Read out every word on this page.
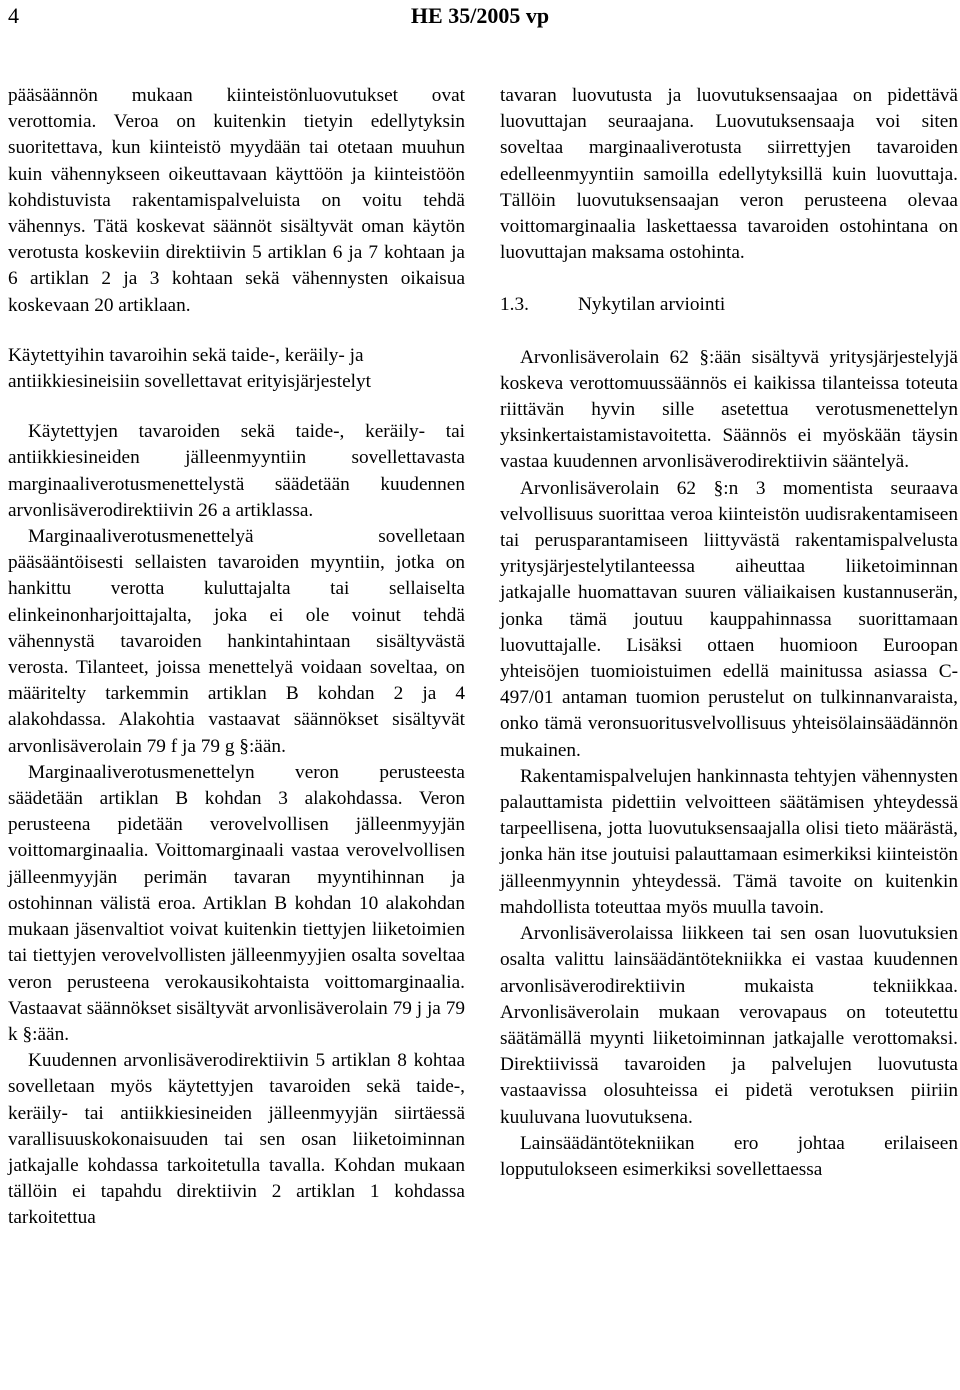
4	HE 35/2005 vp

pääsäännön mukaan kiinteistönluovutukset ovat verottomia. Veroa on kuitenkin tietyin edellytyksin suoritettava, kun kiinteistö myydään tai otetaan muuhun kuin vähennykseen oikeuttavaan käyttöön ja kiinteistöön kohdistuvista rakentamispalveluista on voitu tehdä vähennys. Tätä koskevat säännöt sisältyvät oman käytön verotusta koskeviin direktiivin 5 artiklan 6 ja 7 kohtaan ja 6 artiklan 2 ja 3 kohtaan sekä vähennysten oikaisua koskevaan 20 artiklaan.

Käytettyihin tavaroihin sekä taide-, keräily- ja antiikkiesineisiin sovellettavat erityisjärjestelyt

Käytettyjen tavaroiden sekä taide-, keräily- tai antiikkiesineiden jälleenmyyntiin sovellettavasta marginaaliverotusmenettelystä säädetään kuudennen arvonlisäverodirektiivin 26 a artiklassa.

Marginaaliverotusmenettelyä sovelletaan pääsääntöisesti sellaisten tavaroiden myyntiin, jotka on hankittu verotta kuluttajalta tai sellaiselta elinkeinonharjoittajalta, joka ei ole voinut tehdä vähennystä tavaroiden hankintahintaan sisältyvästä verosta. Tilanteet, joissa menettelyä voidaan soveltaa, on määritelty tarkemmin artiklan B kohdan 2 ja 4 alakohdassa. Alakohtia vastaavat säännökset sisältyvät arvonlisäverolain 79 f ja 79 g §:ään.

Marginaaliverotusmenettelyn veron perusteesta säädetään artiklan B kohdan 3 alakohdassa. Veron perusteena pidetään verovelvollisen jälleenmyyjän voittomarginaalia. Voittomarginaali vastaa verovelvollisen jälleenmyyjän perimän tavaran myyntihinnan ja ostohinnan välistä eroa. Artiklan B kohdan 10 alakohdan mukaan jäsenvaltiot voivat kuitenkin tiettyjen liiketoimien tai tiettyjen verovelvollisten jälleenmyyjien osalta soveltaa veron perusteena verokausikohtaista voittomarginaalia. Vastaavat säännökset sisältyvät arvonlisäverolain 79 j ja 79 k §:ään.

Kuudennen arvonlisäverodirektiivin 5 artiklan 8 kohtaa sovelletaan myös käytettyjen tavaroiden sekä taide-, keräily- tai antiikkiesineiden jälleenmyyjän siirtäessä varallisuuskokonaisuuden tai sen osan liiketoiminnan jatkajalle kohdassa tarkoitetulla tavalla. Kohdan mukaan tällöin ei tapahdu direktiivin 2 artiklan 1 kohdassa tarkoitettua

tavaran luovutusta ja luovutuksensaajaa on pidettävä luovuttajan seuraajana. Luovutuksensaaja voi siten soveltaa marginaaliverotusta siirrettyjen tavaroiden edelleenmyyntiin samoilla edellytyksillä kuin luovuttaja. Tällöin luovutuksensaajan veron perusteena olevaa voittomarginaalia laskettaessa tavaroiden ostohintana on luovuttajan maksama ostohinta.

1.3.	Nykytilan arviointi

Arvonlisäverolain 62 §:ään sisältyvä yritysjärjestelyjä koskeva verottomuussäännös ei kaikissa tilanteissa toteuta riittävän hyvin sille asetettua verotusmenettelyn yksinkertaistamistavoitetta. Säännös ei myöskään täysin vastaa kuudennen arvonlisäverodirektiivin sääntelyä.

Arvonlisäverolain 62 §:n 3 momentista seuraava velvollisuus suorittaa veroa kiinteistön uudisrakentamiseen tai perusparantamiseen liittyvästä rakentamispalvelusta yritysjärjestelytilanteessa aiheuttaa liiketoiminnan jatkajalle huomattavan suuren väliaikaisen kustannuserän, jonka tämä joutuu kauppahinnassa suorittamaan luovuttajalle. Lisäksi ottaen huomioon Euroopan yhteisöjen tuomioistuimen edellä mainitussa asiassa C-497/01 antaman tuomion perustelut on tulkinnanvaraista, onko tämä veronsuoritusvelvollisuus yhteisölainsäädännön mukainen.

Rakentamispalvelujen hankinnasta tehtyjen vähennysten palauttamista pidettiin velvoitteen säätämisen yhteydessä tarpeellisena, jotta luovutuksensaajalla olisi tieto määrästä, jonka hän itse joutuisi palauttamaan esimerkiksi kiinteistön jälleenmyynnin yhteydessä. Tämä tavoite on kuitenkin mahdollista toteuttaa myös muulla tavoin.

Arvonlisäverolaissa liikkeen tai sen osan luovutuksien osalta valittu lainsäädäntötekniikka ei vastaa kuudennen arvonlisäverodirektiivin mukaista tekniikkaa. Arvonlisäverolain mukaan verovapaus on toteutettu säätämällä myynti liiketoiminnan jatkajalle verottomaksi. Direktiivissä tavaroiden ja palvelujen luovutusta vastaavissa olosuhteissa ei pidetä verotuksen piiriin kuuluvana luovutuksena.

Lainsäädäntötekniikan ero johtaa erilaiseen lopputulokseen esimerkiksi sovellettaessa
